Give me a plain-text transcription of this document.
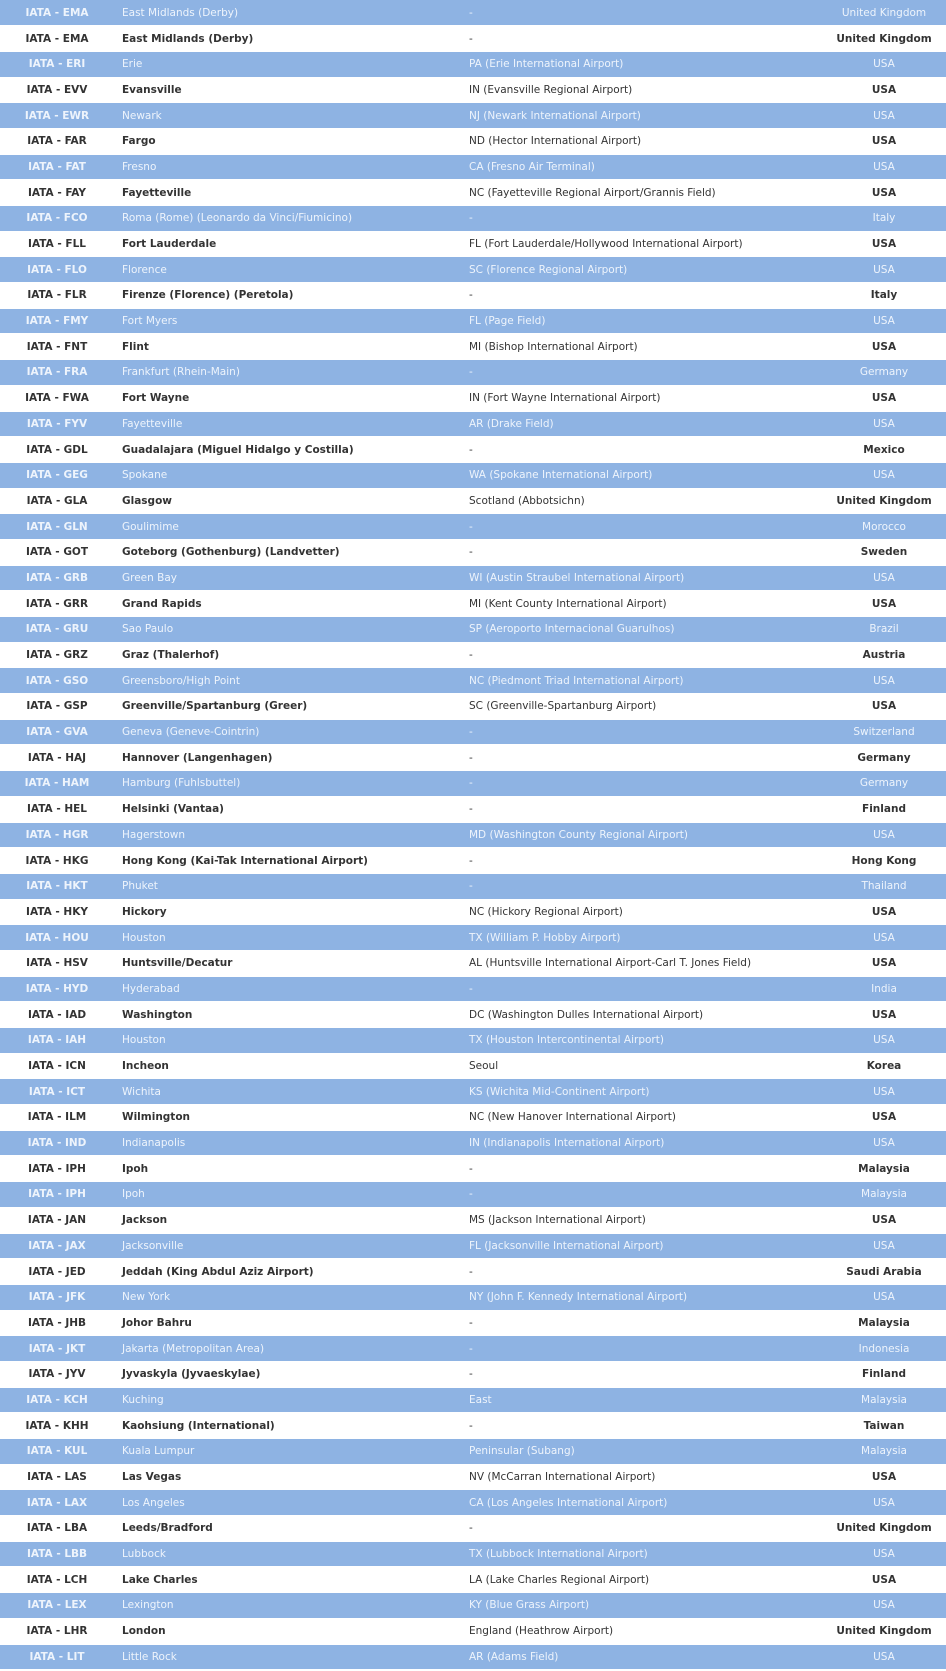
IATA - EMA	East Midlands (Derby)	-	United Kingdom
IATA - EMA	East Midlands (Derby)	-	United Kingdom
IATA - ERI	Erie	PA (Erie International Airport)	USA
IATA - EVV	Evansville	IN (Evansville Regional Airport)	USA
IATA - EWR	Newark	NJ (Newark International Airport)	USA
IATA - FAR	Fargo	ND (Hector International Airport)	USA
IATA - FAT	Fresno	CA (Fresno Air Terminal)	USA
IATA - FAY	Fayetteville	NC (Fayetteville Regional Airport/Grannis Field)	USA
IATA - FCO	Roma (Rome) (Leonardo da Vinci/Fiumicino)	-	Italy
IATA - FLL	Fort Lauderdale	FL (Fort Lauderdale/Hollywood International Airport)	USA
IATA - FLO	Florence	SC (Florence Regional Airport)	USA
IATA - FLR	Firenze (Florence) (Peretola)	-	Italy
IATA - FMY	Fort Myers	FL (Page Field)	USA
IATA - FNT	Flint	MI (Bishop International Airport)	USA
IATA - FRA	Frankfurt (Rhein-Main)	-	Germany
IATA - FWA	Fort Wayne	IN (Fort Wayne International Airport)	USA
IATA - FYV	Fayetteville	AR (Drake Field)	USA
IATA - GDL	Guadalajara (Miguel Hidalgo y Costilla)	-	Mexico
IATA - GEG	Spokane	WA (Spokane International Airport)	USA
IATA - GLA	Glasgow	Scotland (Abbotsichn)	United Kingdom
IATA - GLN	Goulimime	-	Morocco
IATA - GOT	Goteborg (Gothenburg) (Landvetter)	-	Sweden
IATA - GRB	Green Bay	WI (Austin Straubel International Airport)	USA
IATA - GRR	Grand Rapids	MI (Kent County International Airport)	USA
IATA - GRU	Sao Paulo	SP (Aeroporto Internacional Guarulhos)	Brazil
IATA - GRZ	Graz (Thalerhof)	-	Austria
IATA - GSO	Greensboro/High Point	NC (Piedmont Triad International Airport)	USA
IATA - GSP	Greenville/Spartanburg (Greer)	SC (Greenville-Spartanburg Airport)	USA
IATA - GVA	Geneva (Geneve-Cointrin)	-	Switzerland
IATA - HAJ	Hannover (Langenhagen)	-	Germany
IATA - HAM	Hamburg (Fuhlsbuttel)	-	Germany
IATA - HEL	Helsinki (Vantaa)	-	Finland
IATA - HGR	Hagerstown	MD (Washington County Regional Airport)	USA
IATA - HKG	Hong Kong (Kai-Tak International Airport)	-	Hong Kong
IATA - HKT	Phuket	-	Thailand
IATA - HKY	Hickory	NC (Hickory Regional Airport)	USA
IATA - HOU	Houston	TX (William P. Hobby Airport)	USA
IATA - HSV	Huntsville/Decatur	AL (Huntsville International Airport-Carl T. Jones Field)	USA
IATA - HYD	Hyderabad	-	India
IATA - IAD	Washington	DC (Washington Dulles International Airport)	USA
IATA - IAH	Houston	TX (Houston Intercontinental Airport)	USA
IATA - ICN	Incheon	Seoul	Korea
IATA - ICT	Wichita	KS (Wichita Mid-Continent Airport)	USA
IATA - ILM	Wilmington	NC (New Hanover International Airport)	USA
IATA - IND	Indianapolis	IN (Indianapolis International Airport)	USA
IATA - IPH	Ipoh	-	Malaysia
IATA - IPH	Ipoh	-	Malaysia
IATA - JAN	Jackson	MS (Jackson International Airport)	USA
IATA - JAX	Jacksonville	FL (Jacksonville International Airport)	USA
IATA - JED	Jeddah (King Abdul Aziz Airport)	-	Saudi Arabia
IATA - JFK	New York	NY (John F. Kennedy International Airport)	USA
IATA - JHB	Johor Bahru	-	Malaysia
IATA - JKT	Jakarta (Metropolitan Area)	-	Indonesia
IATA - JYV	Jyvaskyla (Jyvaeskylae)	-	Finland
IATA - KCH	Kuching	East	Malaysia
IATA - KHH	Kaohsiung (International)	-	Taiwan
IATA - KUL	Kuala Lumpur	Peninsular (Subang)	Malaysia
IATA - LAS	Las Vegas	NV (McCarran International Airport)	USA
IATA - LAX	Los Angeles	CA (Los Angeles International Airport)	USA
IATA - LBA	Leeds/Bradford	-	United Kingdom
IATA - LBB	Lubbock	TX (Lubbock International Airport)	USA
IATA - LCH	Lake Charles	LA (Lake Charles Regional Airport)	USA
IATA - LEX	Lexington	KY (Blue Grass Airport)	USA
IATA - LHR	London	England (Heathrow Airport)	United Kingdom
IATA - LIT	Little Rock	AR (Adams Field)	USA
